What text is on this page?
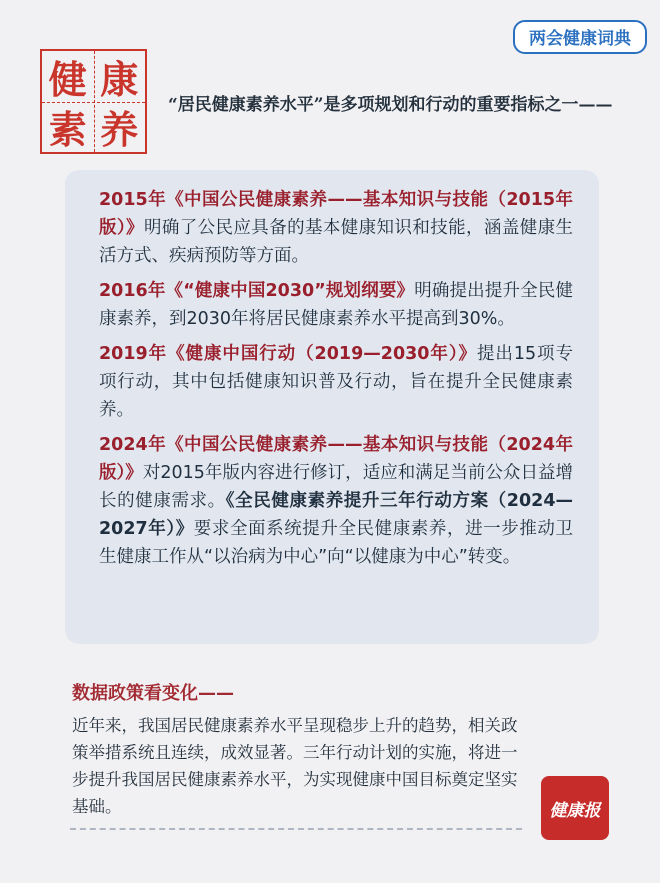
两会健康词典
健 康
素 养
“居民健康素养水平”是多项规划和行动的重要指标之一——
2015年《中国公民健康素养——基本知识与技能（2015年版）》明确了公民应具备的基本健康知识和技能，涵盖健康生活方式、疾病预防等方面。
2016年《“健康中国2030”规划纲要》明确提出提升全民健康素养，到2030年将居民健康素养水平提高到30%。
2019年《健康中国行动（2019—2030年）》提出15项专项行动，其中包括健康知识普及行动，旨在提升全民健康素养。
2024年《中国公民健康素养——基本知识与技能（2024年版）》对2015年版内容进行修订，适应和满足当前公众日益增长的健康需求。《全民健康素养提升三年行动方案（2024—2027年）》要求全面系统提升全民健康素养，进一步推动卫生健康工作从“以治病为中心”向“以健康为中心”转变。
数据政策看变化——
近年来，我国居民健康素养水平呈现稳步上升的趋势，相关政策举措系统且连续，成效显著。三年行动计划的实施，将进一步提升我国居民健康素养水平，为实现健康中国目标奠定坚实基础。	健康报
